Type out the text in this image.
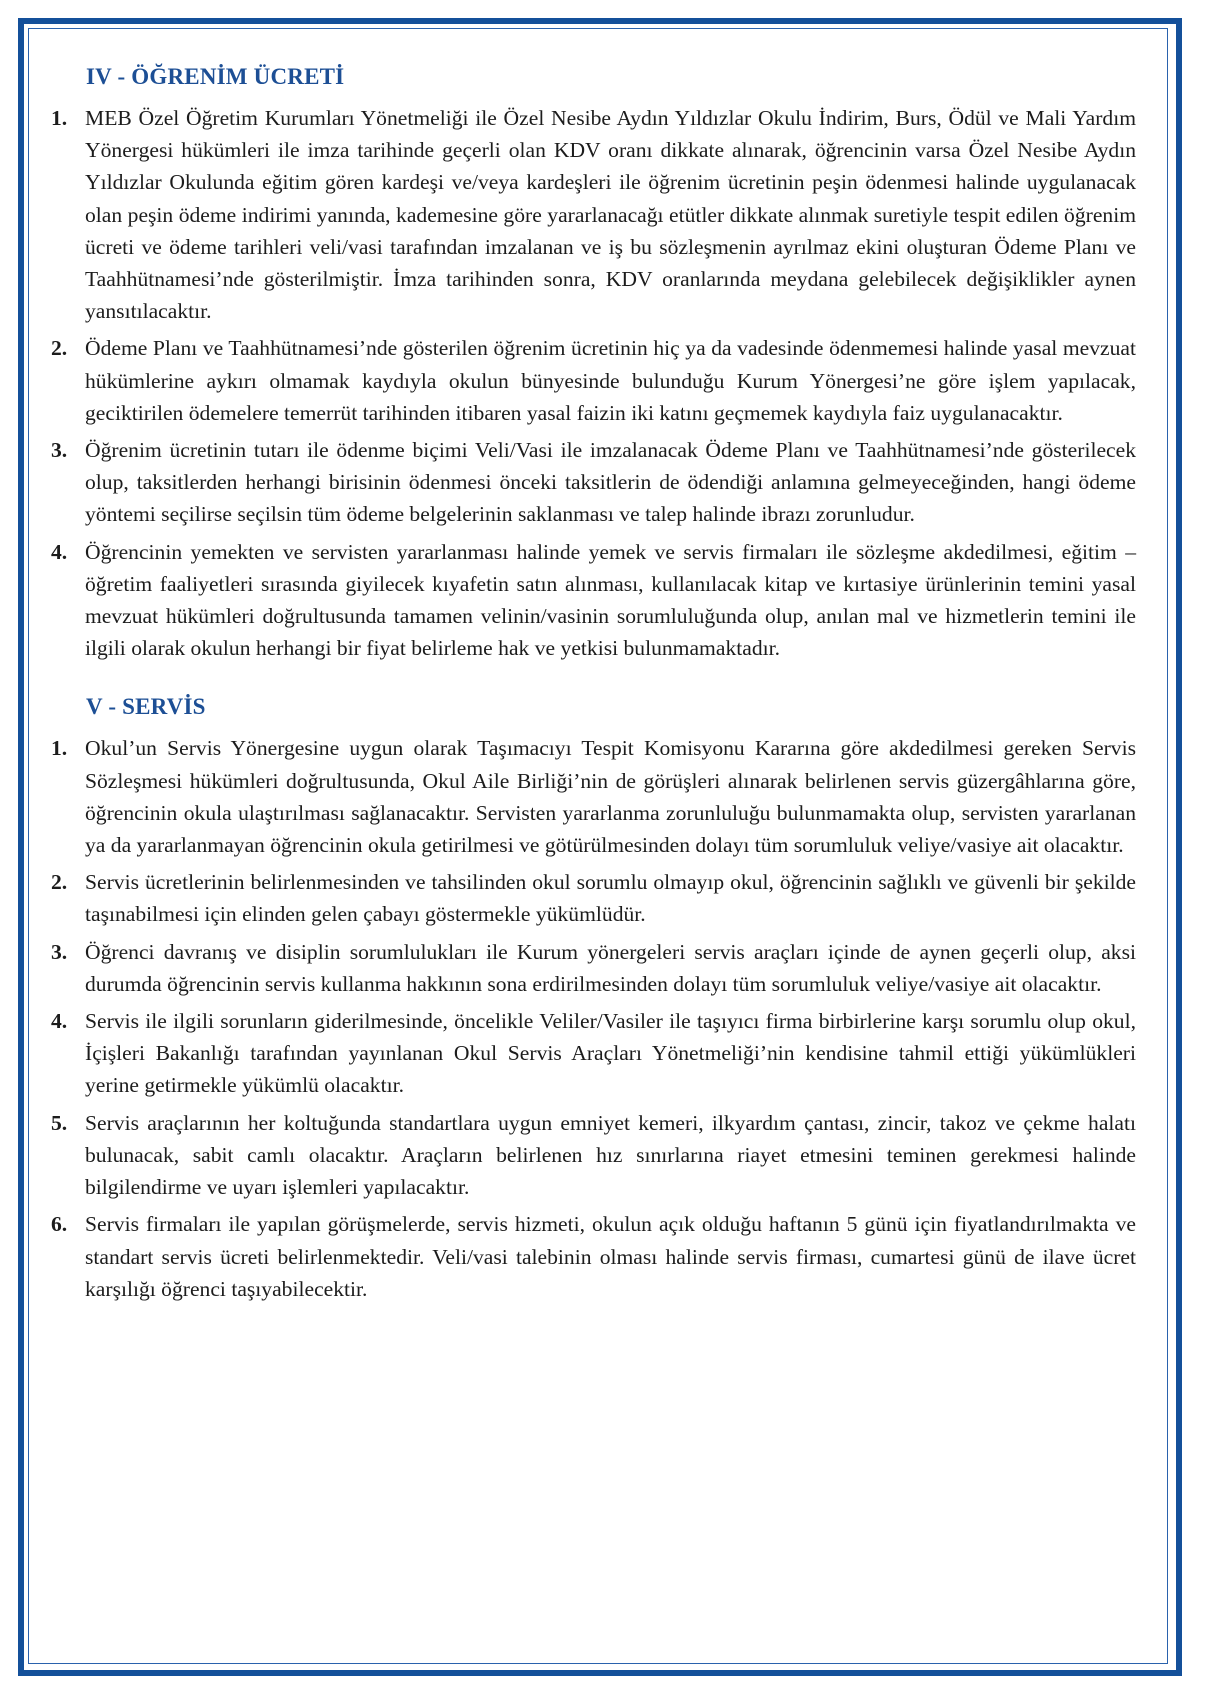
IV - ÖĞRENİM ÜCRETİ
1. MEB Özel Öğretim Kurumları Yönetmeliği ile Özel Nesibe Aydın Yıldızlar Okulu İndirim, Burs, Ödül ve Mali Yardım Yönergesi hükümleri ile imza tarihinde geçerli olan KDV oranı dikkate alınarak, öğrencinin varsa Özel Nesibe Aydın Yıldızlar Okulunda eğitim gören kardeşi ve/veya kardeşleri ile öğrenim ücretinin peşin ödenmesi halinde uygulanacak olan peşin ödeme indirimi yanında, kademesine göre yararlanacağı etütler dikkate alınmak suretiyle tespit edilen öğrenim ücreti ve ödeme tarihleri veli/vasi tarafından imzalanan ve iş bu sözleşmenin ayrılmaz ekini oluşturan Ödeme Planı ve Taahhütnamesi’nde gösterilmiştir. İmza tarihinden sonra, KDV oranlarında meydana gelebilecek değişiklikler aynen yansıtılacaktır.
2. Ödeme Planı ve Taahhütnamesi’nde gösterilen öğrenim ücretinin hiç ya da vadesinde ödenmemesi halinde yasal mevzuat hükümlerine aykırı olmamak kaydıyla okulun bünyesinde bulunduğu Kurum Yönergesi’ne göre işlem yapılacak, geciktirilen ödemelere temerrüt tarihinden itibaren yasal faizin iki katını geçmemek kaydıyla faiz uygulanacaktır.
3. Öğrenim ücretinin tutarı ile ödenme biçimi Veli/Vasi ile imzalanacak Ödeme Planı ve Taahhütnamesi’nde gösterilecek olup, taksitlerden herhangi birisinin ödenmesi önceki taksitlerin de ödendiği anlamına gelmeyeceğinden, hangi ödeme yöntemi seçilirse seçilsin tüm ödeme belgelerinin saklanması ve talep halinde ibrazı zorunludur.
4. Öğrencinin yemekten ve servisten yararlanması halinde yemek ve servis firmaları ile sözleşme akdedilmesi, eğitim – öğretim faaliyetleri sırasında giyilecek kıyafetin satın alınması, kullanılacak kitap ve kırtasiye ürünlerinin temini yasal mevzuat hükümleri doğrultusunda tamamen velinin/vasinin sorumluluğunda olup, anılan mal ve hizmetlerin temini ile ilgili olarak okulun herhangi bir fiyat belirleme hak ve yetkisi bulunmamaktadır.
V - SERVİS
1. Okul’un Servis Yönergesine uygun olarak Taşımacıyı Tespit Komisyonu Kararına göre akdedilmesi gereken Servis Sözleşmesi hükümleri doğrultusunda, Okul Aile Birliği’nin de görüşleri alınarak belirlenen servis güzergâhlarına göre, öğrencinin okula ulaştırılması sağlanacaktır. Servisten yararlanma zorunluluğu bulunmamakta olup, servisten yararlanan ya da yararlanmayan öğrencinin okula getirilmesi ve götürülmesinden dolayı tüm sorumluluk veliye/vasiye ait olacaktır.
2. Servis ücretlerinin belirlenmesinden ve tahsilinden okul sorumlu olmayıp okul, öğrencinin sağlıklı ve güvenli bir şekilde taşınabilmesi için elinden gelen çabayı göstermekle yükümlüdür.
3. Öğrenci davranış ve disiplin sorumlulukları ile Kurum yönergeleri servis araçları içinde de aynen geçerli olup, aksi durumda öğrencinin servis kullanma hakkının sona erdirilmesinden dolayı tüm sorumluluk veliye/vasiye ait olacaktır.
4. Servis ile ilgili sorunların giderilmesinde, öncelikle Veliler/Vasiler ile taşıyıcı firma birbirlerine karşı sorumlu olup okul, İçişleri Bakanlığı tarafından yayınlanan Okul Servis Araçları Yönetmeliği’nin kendisine tahmil ettiği yükümlükleri yerine getirmekle yükümlü olacaktır.
5. Servis araçlarının her koltuğunda standartlara uygun emniyet kemeri, ilkyardım çantası, zincir, takoz ve çekme halatı bulunacak, sabit camlı olacaktır. Araçların belirlenen hız sınırlarına riayet etmesini teminen gerekmesi halinde bilgilendirme ve uyarı işlemleri yapılacaktır.
6. Servis firmaları ile yapılan görüşmelerde, servis hizmeti, okulun açık olduğu haftanın 5 günü için fiyatlandırılmakta ve standart servis ücreti belirlenmektedir. Veli/vasi talebinin olması halinde servis firması, cumartesi günü de ilave ücret karşılığı öğrenci taşıyabilecektir.
